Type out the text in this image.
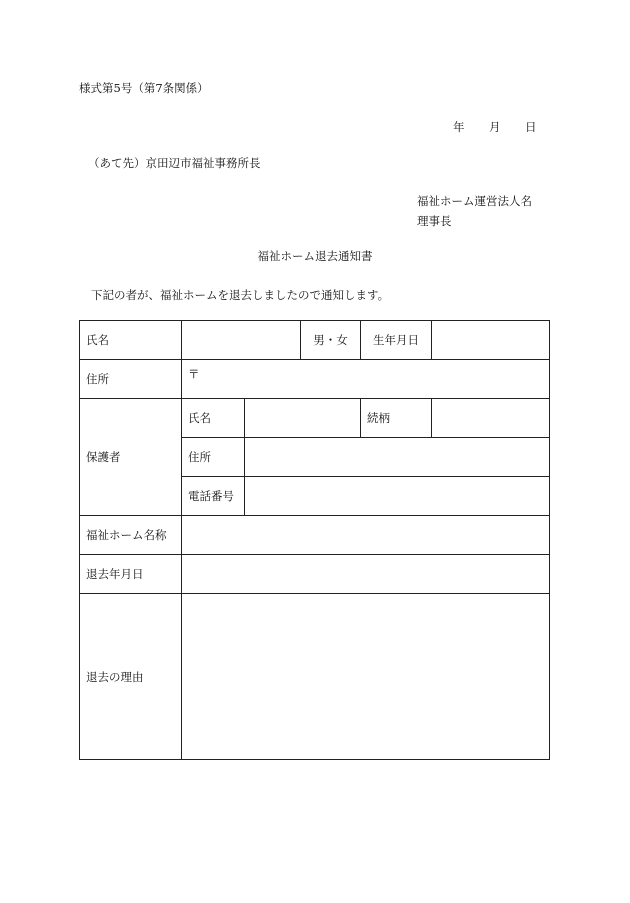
様式第5号（第7条関係）
年 月 日
（あて先）京田辺市福祉事務所長
福祉ホーム運営法人名
理事長
福祉ホーム退去通知書
下記の者が、福祉ホームを退去しましたので通知します。
氏名			男・女	生年月日	
住所	〒				
保護者	氏名			続柄	
	住所	
	電話番号	
福祉ホーム名称	
退去年月日	
退去の理由	
